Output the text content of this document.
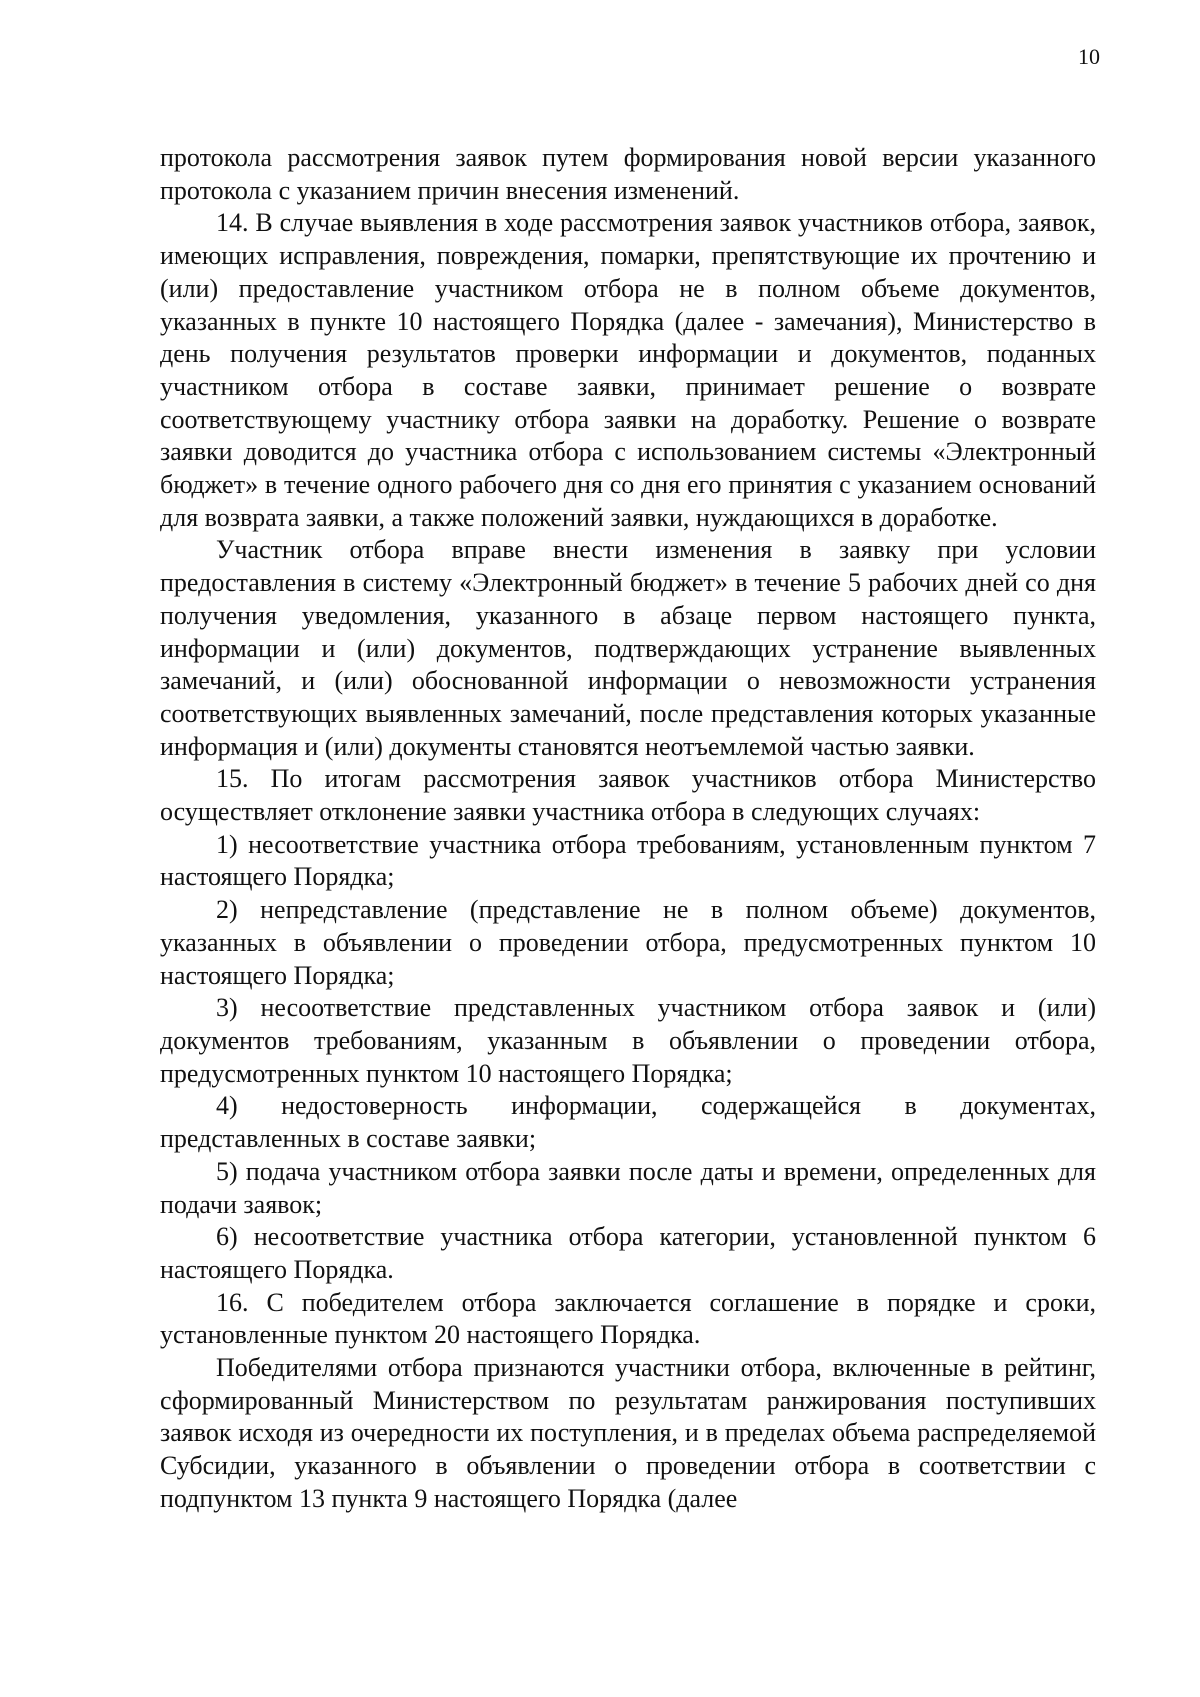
10

протокола рассмотрения заявок путем формирования новой версии указанного протокола с указанием причин внесения изменений.

14. В случае выявления в ходе рассмотрения заявок участников отбора, заявок, имеющих исправления, повреждения, помарки, препятствующие их прочтению и (или) предоставление участником отбора не в полном объеме документов, указанных в пункте 10 настоящего Порядка (далее - замечания), Министерство в день получения результатов проверки информации и документов, поданных участником отбора в составе заявки, принимает решение о возврате соответствующему участнику отбора заявки на доработку. Решение о возврате заявки доводится до участника отбора с использованием системы «Электронный бюджет» в течение одного рабочего дня со дня его принятия с указанием оснований для возврата заявки, а также положений заявки, нуждающихся в доработке.

Участник отбора вправе внести изменения в заявку при условии предоставления в систему «Электронный бюджет» в течение 5 рабочих дней со дня получения уведомления, указанного в абзаце первом настоящего пункта, информации и (или) документов, подтверждающих устранение выявленных замечаний, и (или) обоснованной информации о невозможности устранения соответствующих выявленных замечаний, после представления которых указанные информация и (или) документы становятся неотъемлемой частью заявки.

15. По итогам рассмотрения заявок участников отбора Министерство осуществляет отклонение заявки участника отбора в следующих случаях:

1) несоответствие участника отбора требованиям, установленным пунктом 7 настоящего Порядка;

2) непредставление (представление не в полном объеме) документов, указанных в объявлении о проведении отбора, предусмотренных пунктом 10 настоящего Порядка;

3) несоответствие представленных участником отбора заявок и (или) документов требованиям, указанным в объявлении о проведении отбора, предусмотренных пунктом 10 настоящего Порядка;

4) недостоверность информации, содержащейся в документах, представленных в составе заявки;

5) подача участником отбора заявки после даты и времени, определенных для подачи заявок;

6) несоответствие участника отбора категории, установленной пунктом 6 настоящего Порядка.

16. С победителем отбора заключается соглашение в порядке и сроки, установленные пунктом 20 настоящего Порядка.

Победителями отбора признаются участники отбора, включенные в рейтинг, сформированный Министерством по результатам ранжирования поступивших заявок исходя из очередности их поступления, и в пределах объема распределяемой Субсидии, указанного в объявлении о проведении отбора в соответствии с подпунктом 13 пункта 9 настоящего Порядка (далее
